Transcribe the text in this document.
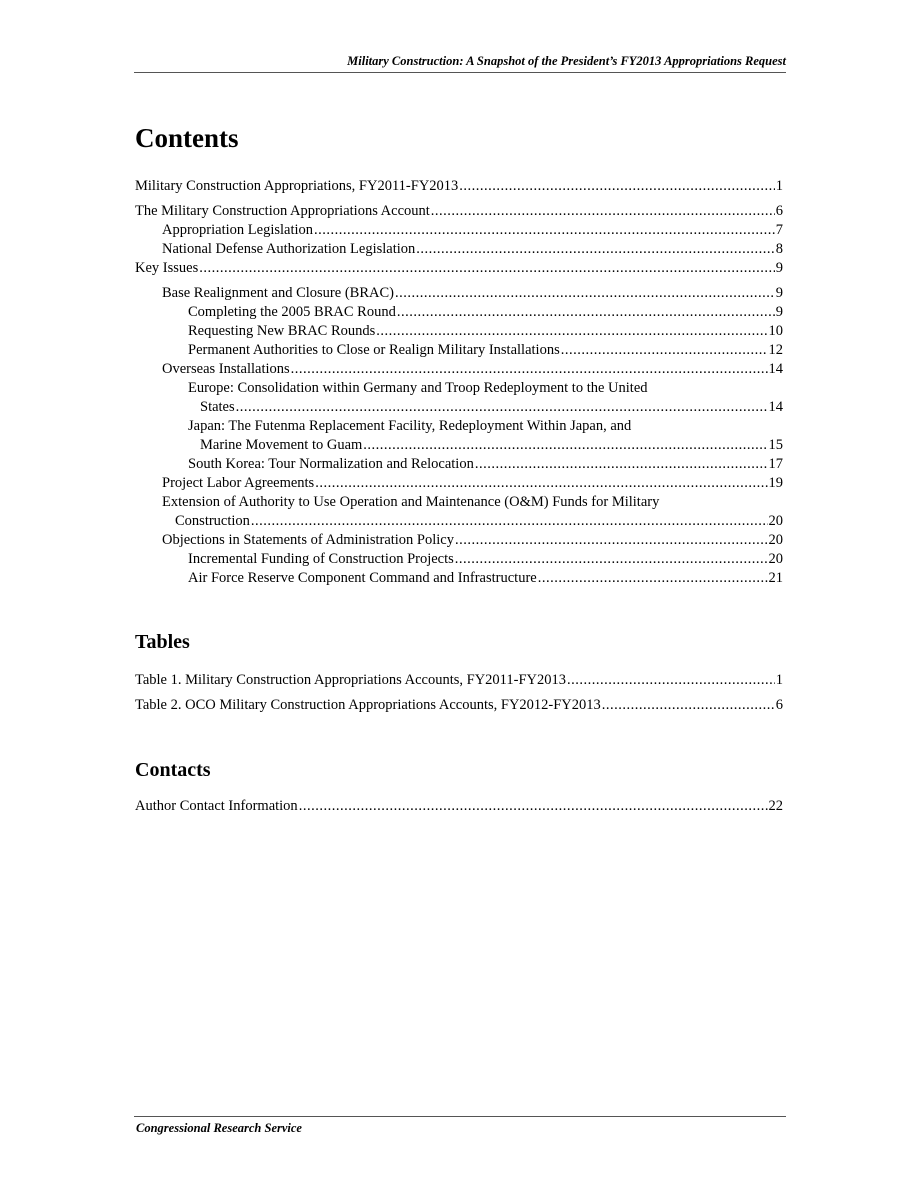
Military Construction: A Snapshot of the President’s FY2013 Appropriations Request
Contents
Military Construction Appropriations, FY2011-FY2013 .....	1
The Military Construction Appropriations Account .....	6
Appropriation Legislation .....	7
National Defense Authorization Legislation .....	8
Key Issues .....	9
Base Realignment and Closure (BRAC) .....	9
Completing the 2005 BRAC Round .....	9
Requesting New BRAC Rounds .....	10
Permanent Authorities to Close or Realign Military Installations .....	12
Overseas Installations .....	14
Europe: Consolidation within Germany and Troop Redeployment to the United
States .....	14
Japan: The Futenma Replacement Facility, Redeployment Within Japan, and
Marine Movement to Guam .....	15
South Korea: Tour Normalization and Relocation .....	17
Project Labor Agreements .....	19
Extension of Authority to Use Operation and Maintenance (O&M) Funds for Military
Construction .....	20
Objections in Statements of Administration Policy .....	20
Incremental Funding of Construction Projects .....	20
Air Force Reserve Component Command and Infrastructure .....	21
Tables
Table 1. Military Construction Appropriations Accounts, FY2011-FY2013 .....	1
Table 2. OCO Military Construction Appropriations Accounts, FY2012-FY2013 .....	6
Contacts
Author Contact Information .....	22
Congressional Research Service
